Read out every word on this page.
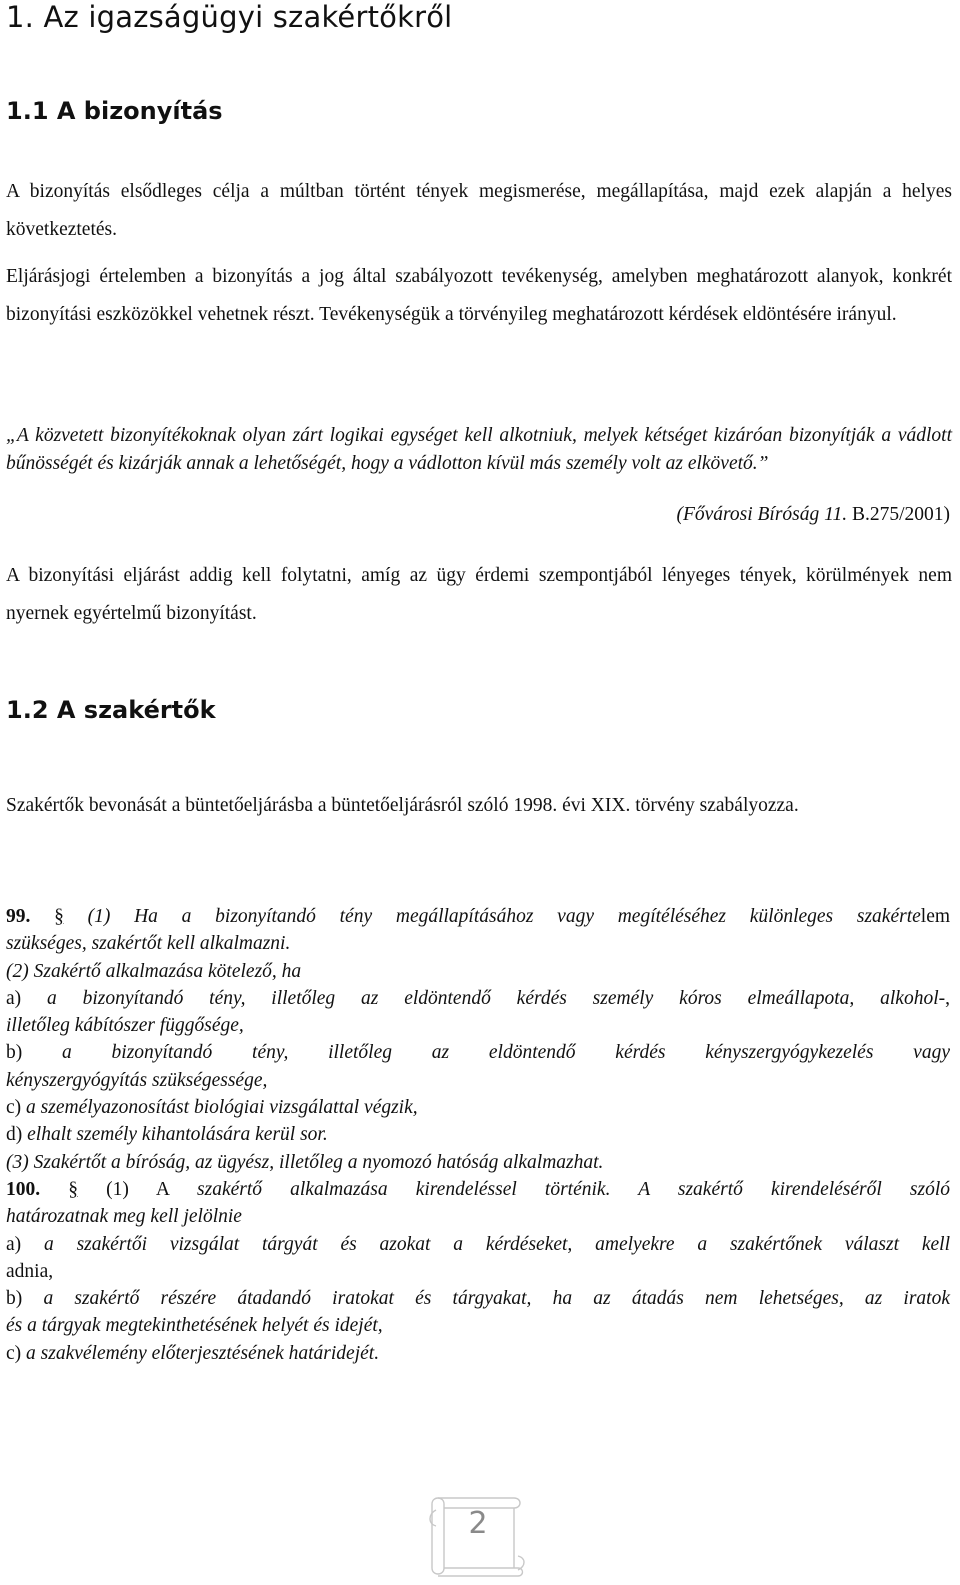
1. Az igazságügyi szakértőkről
1.1 A bizonyítás
A bizonyítás elsődleges célja a múltban történt tények megismerése, megállapítása, majd ezek alapján a helyes következtetés.
Eljárásjogi értelemben a bizonyítás a jog által szabályozott tevékenység, amelyben meghatározott alanyok, konkrét bizonyítási eszközökkel vehetnek részt. Tevékenységük a törvényileg meghatározott kérdések eldöntésére irányul.
„A közvetett bizonyítékoknak olyan zárt logikai egységet kell alkotniuk, melyek kétséget kizáróan bizonyítják a vádlott bűnösségét és kizárják annak a lehetőségét, hogy a vádlotton kívül más személy volt az elkövető.”
(Fővárosi Bíróság 11. B.275/2001)
A bizonyítási eljárást addig kell folytatni, amíg az ügy érdemi szempontjából lényeges tények, körülmények nem nyernek egyértelmű bizonyítást.
1.2 A szakértők
Szakértők bevonását a büntetőeljárásba a büntetőeljárásról szóló 1998. évi XIX. törvény szabályozza.
99. § (1) Ha a bizonyítandó tény megállapításához vagy megítéléséhez különleges szakértelem
szükséges, szakértőt kell alkalmazni.
(2) Szakértő alkalmazása kötelező, ha
a) a bizonyítandó tény, illetőleg az eldöntendő kérdés személy kóros elmeállapota, alkohol-,
illetőleg kábítószer függősége,
b) a bizonyítandó tény, illetőleg az eldöntendő kérdés kényszergyógykezelés vagy
kényszergyógyítás szükségessége,
c) a személyazonosítást biológiai vizsgálattal végzik,
d) elhalt személy kihantolására kerül sor.
(3) Szakértőt a bíróság, az ügyész, illetőleg a nyomozó hatóság alkalmazhat.
100. § (1) A szakértő alkalmazása kirendeléssel történik. A szakértő kirendeléséről szóló
határozatnak meg kell jelölnie
a) a szakértői vizsgálat tárgyát és azokat a kérdéseket, amelyekre a szakértőnek választ kell
adnia,
b) a szakértő részére átadandó iratokat és tárgyakat, ha az átadás nem lehetséges, az iratok
és a tárgyak megtekinthetésének helyét és idejét,
c) a szakvélemény előterjesztésének határidejét.
2
